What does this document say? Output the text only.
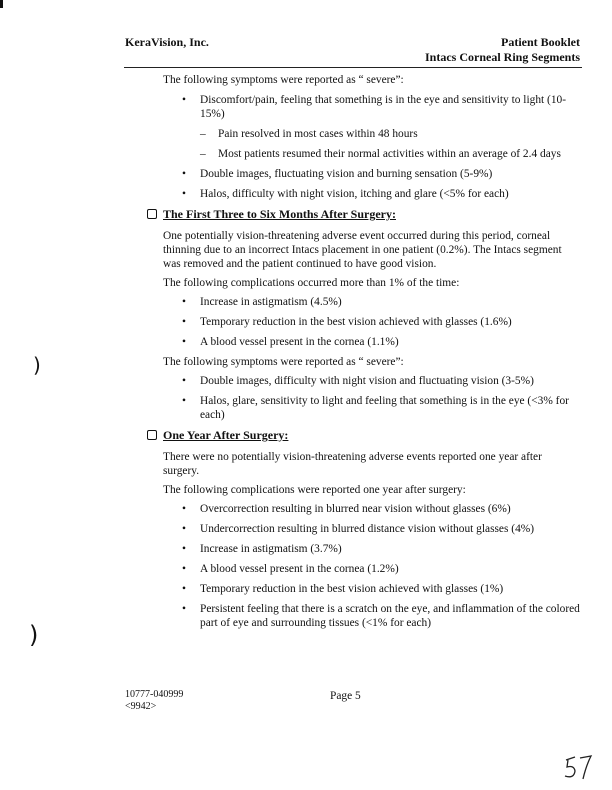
KeraVision, Inc.	Patient Booklet
Intacs Corneal Ring Segments

The following symptoms were reported as “ severe”:

• Discomfort/pain, feeling that something is in the eye and sensitivity to light (10-15%)
– Pain resolved in most cases within 48 hours
– Most patients resumed their normal activities within an average of 2.4 days
• Double images, fluctuating vision and burning sensation (5-9%)
• Halos, difficulty with night vision, itching and glare (<5% for each)
The First Three to Six Months After Surgery:

One potentially vision-threatening adverse event occurred during this period, corneal thinning due to an incorrect Intacs placement in one patient (0.2%). The Intacs segment was removed and the patient continued to have good vision.

The following complications occurred more than 1% of the time:

• Increase in astigmatism (4.5%)
• Temporary reduction in the best vision achieved with glasses (1.6%)
• A blood vessel present in the cornea (1.1%)

The following symptoms were reported as “ severe”:

• Double images, difficulty with night vision and fluctuating vision (3-5%)
• Halos, glare, sensitivity to light and feeling that something is in the eye (<3% for each)
One Year After Surgery:

There were no potentially vision-threatening adverse events reported one year after surgery.

The following complications were reported one year after surgery:

• Overcorrection resulting in blurred near vision without glasses (6%)
• Undercorrection resulting in blurred distance vision without glasses (4%)
• Increase in astigmatism (3.7%)
• A blood vessel present in the cornea (1.2%)
• Temporary reduction in the best vision achieved with glasses (1%)
• Persistent feeling that there is a scratch on the eye, and inflammation of the colored part of eye and surrounding tissues (<1% for each)
10777-040999
<9942>
Page 5
)
)
